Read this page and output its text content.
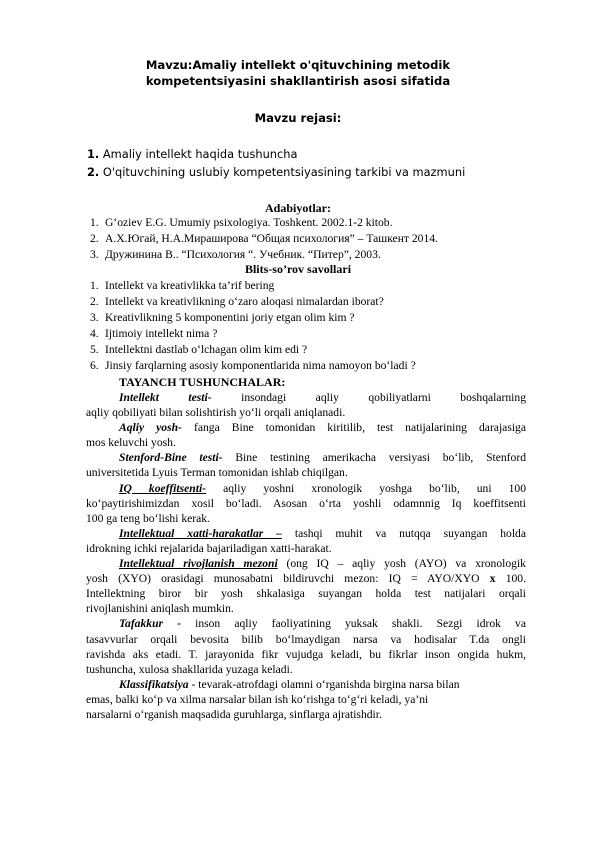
Mavzu:Amaliy intellekt o'qituvchining metodik
kompetentsiyasini shakllantirish asosi sifatida
Mavzu rejasi:
1. Amaliy intellekt haqida tushuncha
2. O'qituvchining uslubiy kompetentsiyasining tarkibi va mazmuni
Adabiyotlar:
1. G‘oziev E.G. Umumiy psixologiya. Toshkent. 2002.1-2 kitob.
2. А.Х.Югай, Н.А.Мираширова “Общая психология” – Ташкент 2014.
3. Дружинина В.. “Психология “. Учебник. “Питер”, 2003.
Blits-so’rov savollari
1. Intellekt va kreativlikka ta’rif bering
2. Intellekt va kreativlikning o‘zaro aloqasi nimalardan iborat?
3. Kreativlikning 5 komponentini joriy etgan olim kim ?
4. Ijtimoiy intellekt nima ?
5. Intellektni dastlab o‘lchagan olim kim edi ?
6. Jinsiy farqlarning asosiy komponentlarida nima namoyon bo‘ladi ?
TAYANCH TUSHUNCHALAR:
Intellekt testi-	insondagi aqliy qobiliyatlarni boshqalarning
aqliy qobiliyati bilan solishtirish yo‘li orqali aniqlanadi.
Aqliy yosh- fanga Bine tomonidan kiritilib, test natijalarining darajasiga
mos keluvchi yosh.
Stenford-Bine testi- Bine testining amerikacha versiyasi bo‘lib, Stenford
universitetida Lyuis Terman tomonidan ishlab chiqilgan.
IQ koeffitsenti- aqliy yoshni xronologik yoshga bo‘lib, uni 100
ko‘paytirishimizdan xosil bo‘ladi. Asosan o‘rta yoshli odamnnig Iq koeffitsenti
100 ga teng bo‘lishi kerak.
Intellektual xatti-harakatlar – tashqi muhit va nutqqa suyangan holda
idrokning ichki rejalarida bajariladigan xatti-harakat.
Intellektual rivojlanish mezoni (ong IQ – aqliy yosh (AYO) va xronologik
yosh (XYO) orasidagi munosabatni bildiruvchi mezon: IQ = AYO/XYO x 100.
Intellektning biror bir yosh shkalasiga suyangan holda test natijalari orqali
rivojlanishini aniqlash mumkin.
Tafakkur - inson aqliy faoliyatining yuksak shakli. Sezgi idrok va
tasavvurlar orqali bevosita bilib bo‘lmaydigan narsa va hodisalar T.da ongli
ravishda aks etadi. T. jarayonida fikr vujudga keladi, bu fikrlar inson ongida hukm,
tushuncha, xulosa shakllarida yuzaga keladi.
Klassifikatsiya - tevarak-atrofdagi olamni o‘rganishda birgina narsa bilan
emas, balki ko‘p va xilma narsalar bilan ish ko‘rishga to‘g‘ri keladi, ya’ni
narsalarni o‘rganish maqsadida guruhlarga, sinflarga ajratishdir.
